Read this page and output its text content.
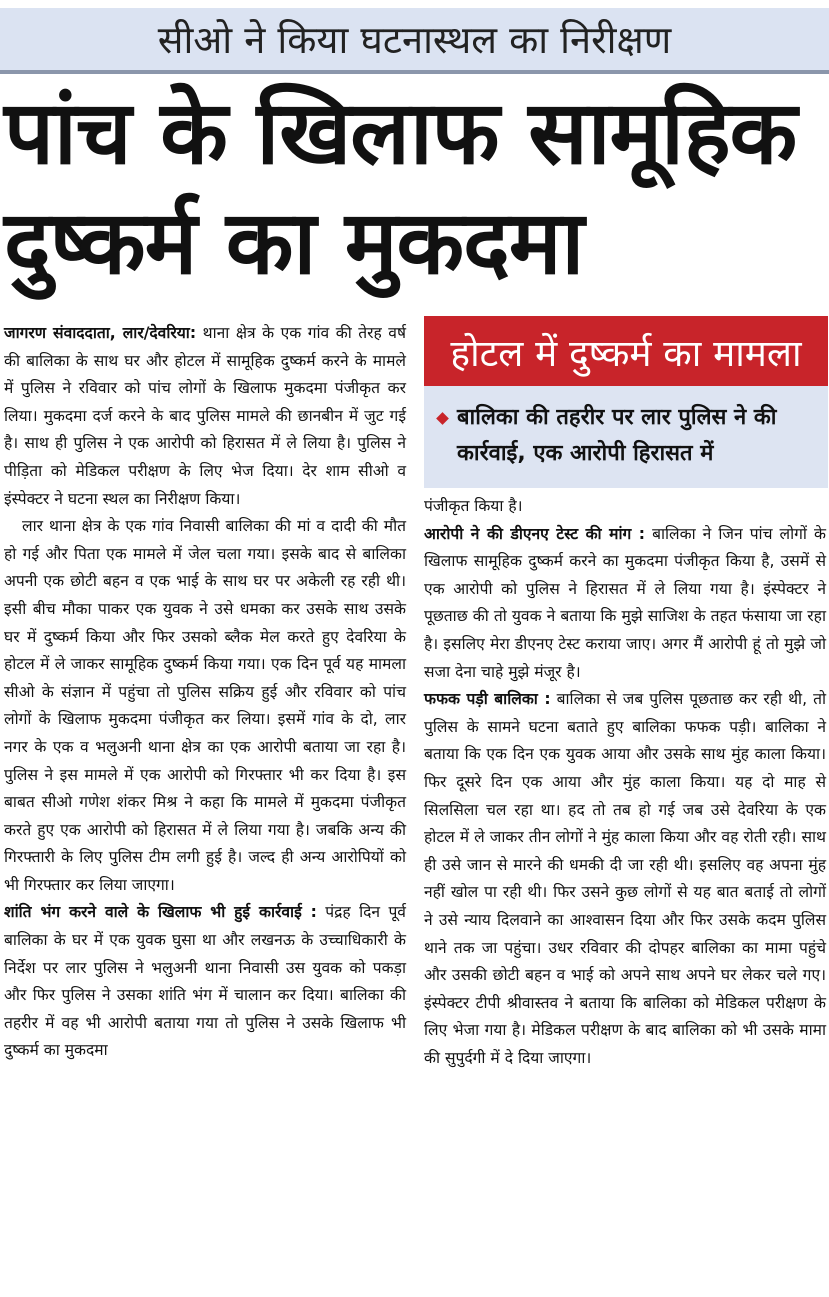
सीओ ने किया घटनास्थल का निरीक्षण
पांच के खिलाफ सामूहिक
दुष्कर्म का मुकदमा

जागरण संवाददाता, लार/देवरिया: थाना क्षेत्र के एक गांव की तेरह वर्ष की बालिका के साथ घर और होटल में सामूहिक दुष्कर्म करने के मामले में पुलिस ने रविवार को पांच लोगों के खिलाफ मुकदमा पंजीकृत कर लिया। मुकदमा दर्ज करने के बाद पुलिस मामले की छानबीन में जुट गई है। साथ ही पुलिस ने एक आरोपी को हिरासत में ले लिया है। पुलिस ने पीड़िता को मेडिकल परीक्षण के लिए भेज दिया। देर शाम सीओ व इंस्पेक्टर ने घटना स्थल का निरीक्षण किया।

लार थाना क्षेत्र के एक गांव निवासी बालिका की मां व दादी की मौत हो गई और पिता एक मामले में जेल चला गया। इसके बाद से बालिका अपनी एक छोटी बहन व एक भाई के साथ घर पर अकेली रह रही थी। इसी बीच मौका पाकर एक युवक ने उसे धमका कर उसके साथ उसके घर में दुष्कर्म किया और फिर उसको ब्लैक मेल करते हुए देवरिया के होटल में ले जाकर सामूहिक दुष्कर्म किया गया। एक दिन पूर्व यह मामला सीओ के संज्ञान में पहुंचा तो पुलिस सक्रिय हुई और रविवार को पांच लोगों के खिलाफ मुकदमा पंजीकृत कर लिया। इसमें गांव के दो, लार नगर के एक व भलुअनी थाना क्षेत्र का एक आरोपी बताया जा रहा है। पुलिस ने इस मामले में एक आरोपी को गिरफ्तार भी कर दिया है। इस बाबत सीओ गणेश शंकर मिश्र ने कहा कि मामले में मुकदमा पंजीकृत करते हुए एक आरोपी को हिरासत में ले लिया गया है। जबकि अन्य की गिरफ्तारी के लिए पुलिस टीम लगी हुई है। जल्द ही अन्य आरोपियों को भी गिरफ्तार कर लिया जाएगा।

शांति भंग करने वाले के खिलाफ भी हुई कार्रवाई : पंद्रह दिन पूर्व बालिका के घर में एक युवक घुसा था और लखनऊ के उच्चाधिकारी के निर्देश पर लार पुलिस ने भलुअनी थाना निवासी उस युवक को पकड़ा और फिर पुलिस ने उसका शांति भंग में चालान कर दिया। बालिका की तहरीर में वह भी आरोपी बताया गया तो पुलिस ने उसके खिलाफ भी दुष्कर्म का मुकदमा

होटल में दुष्कर्म का मामला
बालिका की तहरीर पर लार पुलिस ने की कार्रवाई, एक आरोपी हिरासत में

पंजीकृत किया है।

आरोपी ने की डीएनए टेस्ट की मांग : बालिका ने जिन पांच लोगों के खिलाफ सामूहिक दुष्कर्म करने का मुकदमा पंजीकृत किया है, उसमें से एक आरोपी को पुलिस ने हिरासत में ले लिया गया है। इंस्पेक्टर ने पूछताछ की तो युवक ने बताया कि मुझे साजिश के तहत फंसाया जा रहा है। इसलिए मेरा डीएनए टेस्ट कराया जाए। अगर मैं आरोपी हूं तो मुझे जो सजा देना चाहे मुझे मंजूर है।

फफक पड़ी बालिका : बालिका से जब पुलिस पूछताछ कर रही थी, तो पुलिस के सामने घटना बताते हुए बालिका फफक पड़ी। बालिका ने बताया कि एक दिन एक युवक आया और उसके साथ मुंह काला किया। फिर दूसरे दिन एक आया और मुंह काला किया। यह दो माह से सिलसिला चल रहा था। हद तो तब हो गई जब उसे देवरिया के एक होटल में ले जाकर तीन लोगों ने मुंह काला किया और वह रोती रही। साथ ही उसे जान से मारने की धमकी दी जा रही थी। इसलिए वह अपना मुंह नहीं खोल पा रही थी। फिर उसने कुछ लोगों से यह बात बताई तो लोगों ने उसे न्याय दिलवाने का आश्वासन दिया और फिर उसके कदम पुलिस थाने तक जा पहुंचा। उधर रविवार की दोपहर बालिका का मामा पहुंचे और उसकी छोटी बहन व भाई को अपने साथ अपने घर लेकर चले गए। इंस्पेक्टर टीपी श्रीवास्तव ने बताया कि बालिका को मेडिकल परीक्षण के लिए भेजा गया है। मेडिकल परीक्षण के बाद बालिका को भी उसके मामा की सुपुर्दगी में दे दिया जाएगा।
